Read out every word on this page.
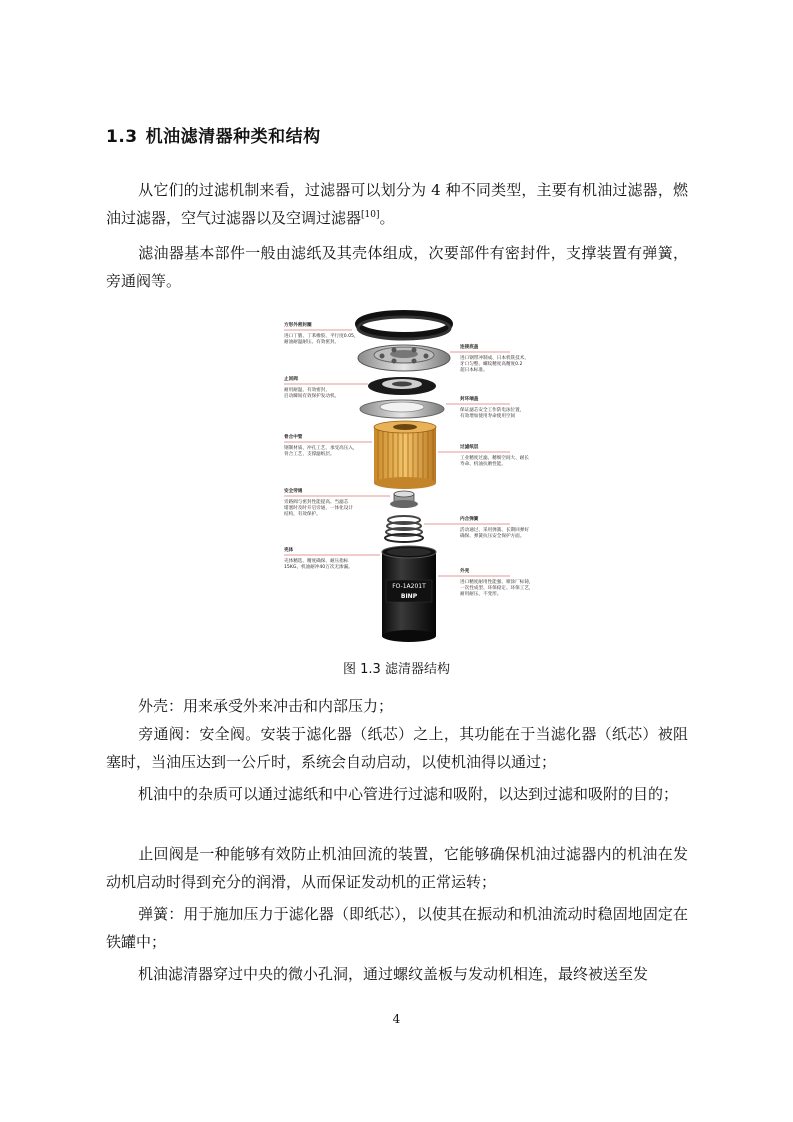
1.3 机油滤清器种类和结构

从它们的过滤机制来看，过滤器可以划分为 4 种不同类型，主要有机油过滤器，燃油过滤器，空气过滤器以及空调过滤器[10]。

滤油器基本部件一般由滤纸及其壳体组成，次要部件有密封件，支撑装置有弹簧，旁通阀等。

FO-1A201T
BINP
方形外密封圈
进口丁腈、丁苯橡胶、平行度0.05，
耐油耐温耐压、有效密封。
止回阀
耐用耐温、有效密封，
启动瞬间有效保护发动机。
骨合中管
钢制材质、冲孔工艺、承受高压入，
骨合工艺、支撑滤纸层。
安全旁通
旁路阀与密封性能提高、当滤芯
堵塞时及时开启旁通，一体化设计
结构，有效保护。
壳体
壳体精选、精度确保、耐压指标
15KG、机油耐冲40万次无渗漏。
连接底盖
进口钢带冲制成、日本机铣技术，
牙口匀整、螺纹精度高精度0.2
超日本标准。
封环端盖
保证滤芯安全工作防电泳位置，
有效增加使用寿命使用空间
过滤纸层
工业精度过滤、精细空间大、耐长
寿命、机油抗磨性能。
内合弹簧
活动通过、采用弹簧、长期回弹好
确保、弹簧抗压安全保护方面。
外壳
进口精度耐用性能强、喷涂厂标铸，
一次性成型、环保稳定、环保工艺，
耐用耐压、不变形。

图 1.3 滤清器结构

外壳：用来承受外来冲击和内部压力；

旁通阀：安全阀。安装于滤化器（纸芯）之上，其功能在于当滤化器（纸芯）被阻塞时，当油压达到一公斤时，系统会自动启动，以使机油得以通过；

机油中的杂质可以通过滤纸和中心管进行过滤和吸附，以达到过滤和吸附的目的；

止回阀是一种能够有效防止机油回流的装置，它能够确保机油过滤器内的机油在发动机启动时得到充分的润滑，从而保证发动机的正常运转；

弹簧：用于施加压力于滤化器（即纸芯），以使其在振动和机油流动时稳固地固定在铁罐中；

机油滤清器穿过中央的微小孔洞，通过螺纹盖板与发动机相连，最终被送至发

4
